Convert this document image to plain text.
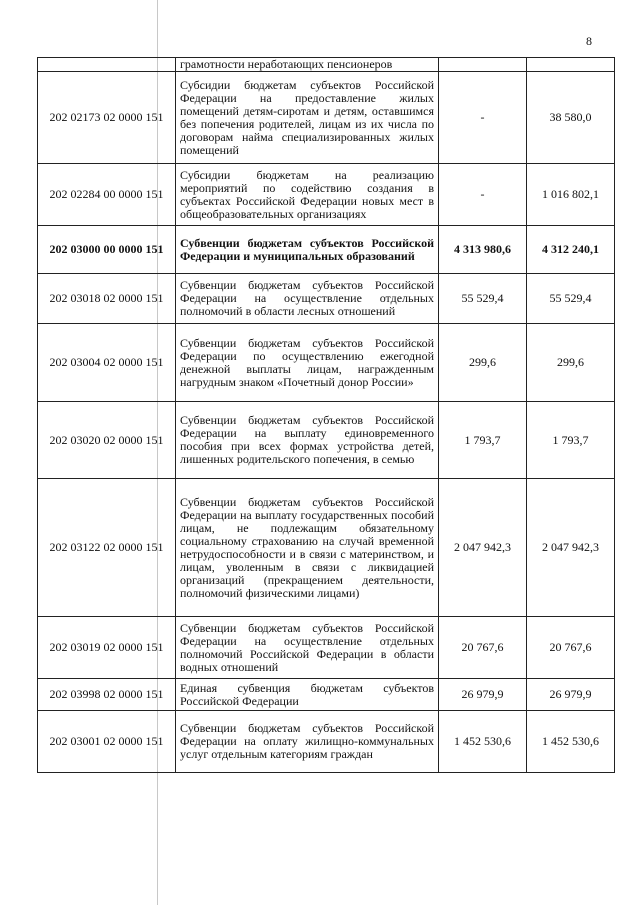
8
	грамотности неработающих пенсионеров		
202 02173 02 0000 151	Субсидии бюджетам субъектов Российской Федерации на предоставление жилых помещений детям-сиротам и детям, оставшимся без попечения родителей, лицам из их числа по договорам найма специализированных жилых помещений	-	38 580,0
202 02284 00 0000 151	Субсидии бюджетам на реализацию мероприятий по содействию создания в субъектах Российской Федерации новых мест в общеобразовательных организациях	-	1 016 802,1
202 03000 00 0000 151	Субвенции бюджетам субъектов Российской Федерации и муниципальных образований	4 313 980,6	4 312 240,1
202 03018 02 0000 151	Субвенции бюджетам субъектов Российской Федерации на осуществление отдельных полномочий в области лесных отношений	55 529,4	55 529,4
202 03004 02 0000 151	Субвенции бюджетам субъектов Российской Федерации по осуществлению ежегодной денежной выплаты лицам, награжденным нагрудным знаком «Почетный донор России»	299,6	299,6
202 03020 02 0000 151	Субвенции бюджетам субъектов Российской Федерации на выплату единовременного пособия при всех формах устройства детей, лишенных родительского попечения, в семью	1 793,7	1 793,7
202 03122 02 0000 151	Субвенции бюджетам субъектов Российской Федерации на выплату государственных пособий лицам, не подлежащим обязательному социальному страхованию на случай временной нетрудоспособности и в связи с материнством, и лицам, уволенным в связи с ликвидацией организаций (прекращением деятельности, полномочий физическими лицами)	2 047 942,3	2 047 942,3
202 03019 02 0000 151	Субвенции бюджетам субъектов Российской Федерации на осуществление отдельных полномочий Российской Федерации в области водных отношений	20 767,6	20 767,6
202 03998 02 0000 151	Единая субвенция бюджетам субъектов Российской Федерации	26 979,9	26 979,9
202 03001 02 0000 151	Субвенции бюджетам субъектов Российской Федерации на оплату жилищно-коммунальных услуг отдельным категориям граждан	1 452 530,6	1 452 530,6
